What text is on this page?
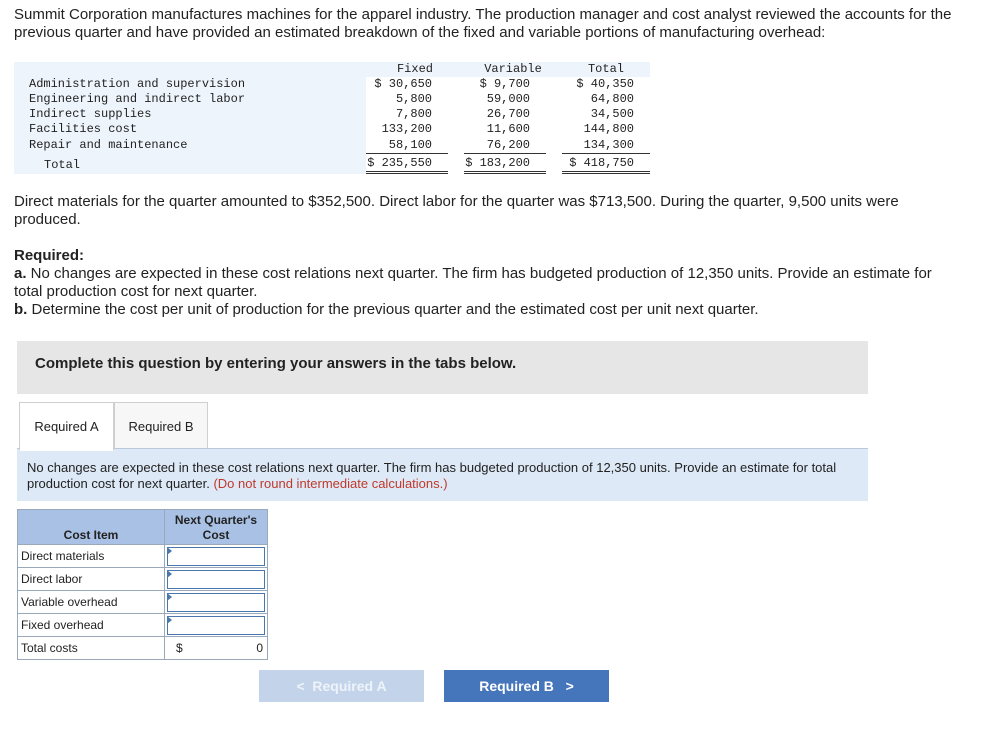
Summit Corporation manufactures machines for the apparel industry. The production manager and cost analyst reviewed the accounts for the previous quarter and have provided an estimated breakdown of the fixed and variable portions of manufacturing overhead:
Fixed	Variable	Total
Administration and supervision	$ 30,650	$ 9,700	$ 40,350
Engineering and indirect labor	5,800	59,000	64,800
Indirect supplies	7,800	26,700	34,500
Facilities cost	133,200	11,600	144,800
Repair and maintenance	58,100	76,200	134,300
Total	$ 235,550	$ 183,200	$ 418,750
Direct materials for the quarter amounted to $352,500. Direct labor for the quarter was $713,500. During the quarter, 9,500 units were produced.
Required:
a. No changes are expected in these cost relations next quarter. The firm has budgeted production of 12,350 units. Provide an estimate for total production cost for next quarter.
b. Determine the cost per unit of production for the previous quarter and the estimated cost per unit next quarter.
Complete this question by entering your answers in the tabs below.
Required A	Required B
No changes are expected in these cost relations next quarter. The firm has budgeted production of 12,350 units. Provide an estimate for total production cost for next quarter. (Do not round intermediate calculations.)
Cost Item	Next Quarter's Cost
Direct materials	

Direct labor	

Variable overhead	

Fixed overhead	

Total costs	$ 0
< Required A	Required B >
